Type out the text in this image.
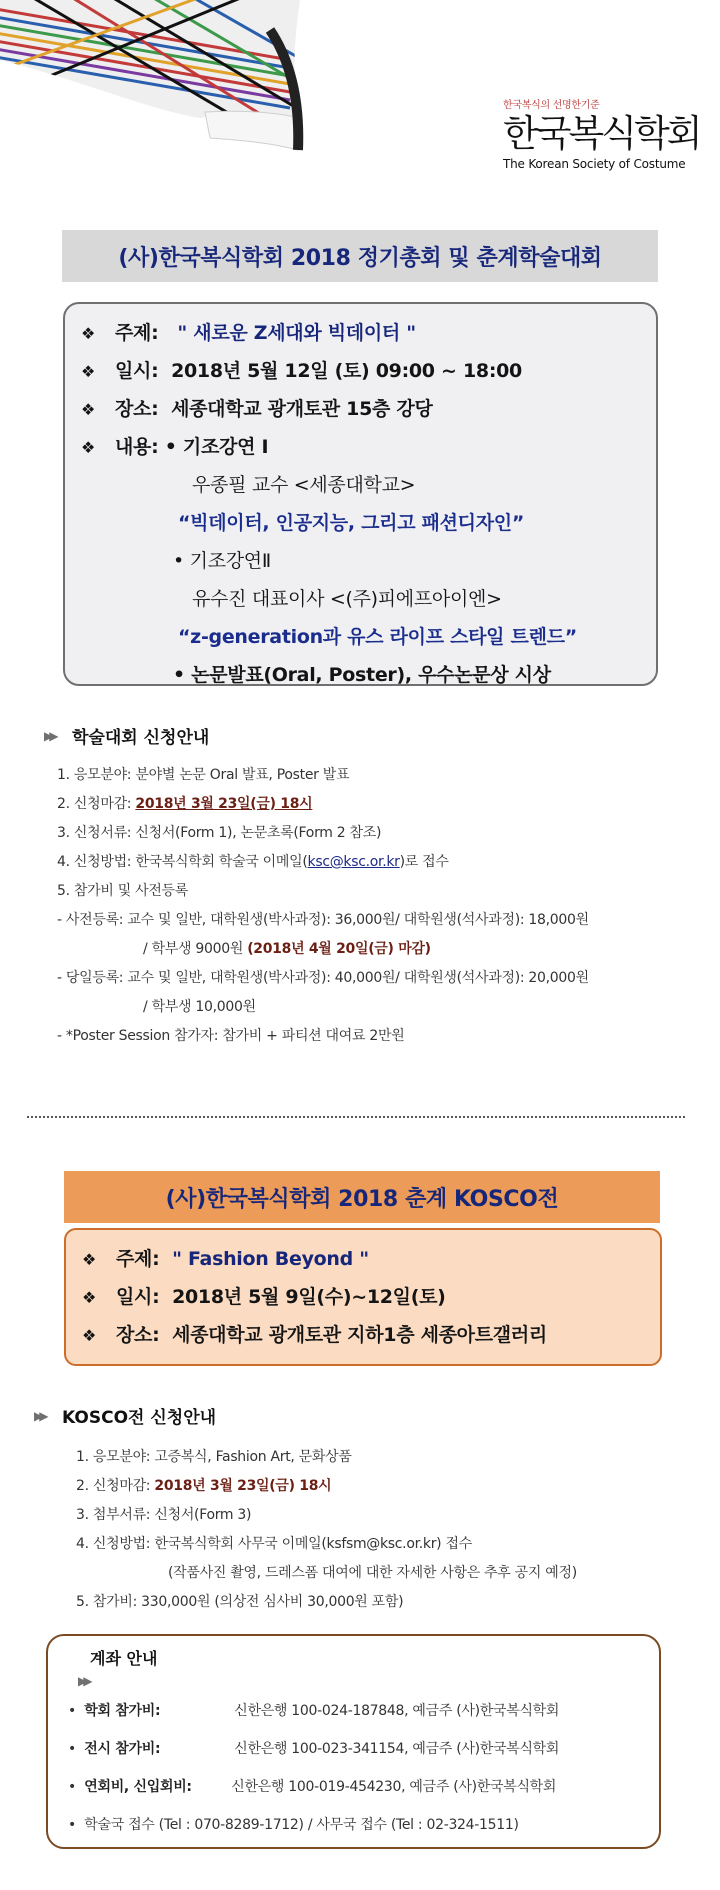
한국복식의 선명한기준
한국복식학회
The Korean Society of Costume
(사)한국복식학회 2018 정기총회 및 춘계학술대회
❖ 주제: " 새로운 Z세대와 빅데이터 "
❖ 일시: 2018년 5월 12일 (토) 09:00 ~ 18:00
❖ 장소: 세종대학교 광개토관 15층 강당
❖ 내용: • 기조강연 I
우종필 교수 <세종대학교>
“빅데이터, 인공지능, 그리고 패션디자인”
• 기조강연Ⅱ
유수진 대표이사 <(주)피에프아이엔>
“z-generation과 유스 라이프 스타일 트렌드”
• 논문발표(Oral, Poster), 우수논문상 시상
▶▶	학술대회 신청안내
1. 응모분야: 분야별 논문 Oral 발표, Poster 발표
2. 신청마감: 2018년 3월 23일(금) 18시
3. 신청서류: 신청서(Form 1), 논문초록(Form 2 참조)
4. 신청방법: 한국복식학회 학술국 이메일(ksc@ksc.or.kr)로 접수
5. 참가비 및 사전등록
- 사전등록: 교수 및 일반, 대학원생(박사과정): 36,000원/ 대학원생(석사과정): 18,000원
/ 학부생 9000원 (2018년 4월 20일(금) 마감)
- 당일등록: 교수 및 일반, 대학원생(박사과정): 40,000원/ 대학원생(석사과정): 20,000원
/ 학부생 10,000원
- *Poster Session 참가자: 참가비 + 파티션 대여료 2만원
(사)한국복식학회 2018 춘계 KOSCO전
❖ 주제: " Fashion Beyond "
❖ 일시: 2018년 5월 9일(수)~12일(토)
❖ 장소: 세종대학교 광개토관 지하1층 세종아트갤러리
▶▶	KOSCO전 신청안내
1. 응모분야: 고증복식, Fashion Art, 문화상품
2. 신청마감: 2018년 3월 23일(금) 18시
3. 첨부서류: 신청서(Form 3)
4. 신청방법: 한국복식학회 사무국 이메일(ksfsm@ksc.or.kr) 접수
(작품사진 촬영, 드레스폼 대여에 대한 자세한 사항은 추후 공지 예정)
5. 참가비: 330,000원 (의상전 심사비 30,000원 포함)
계좌 안내
▶▶
•  학회 참가비:	신한은행 100-024-187848, 예금주 (사)한국복식학회
•  전시 참가비:	신한은행 100-023-341154, 예금주 (사)한국복식학회
•  연회비, 신입회비:	신한은행 100-019-454230, 예금주 (사)한국복식학회
•  학술국 접수 (Tel : 070-8289-1712) / 사무국 접수 (Tel : 02-324-1511)
